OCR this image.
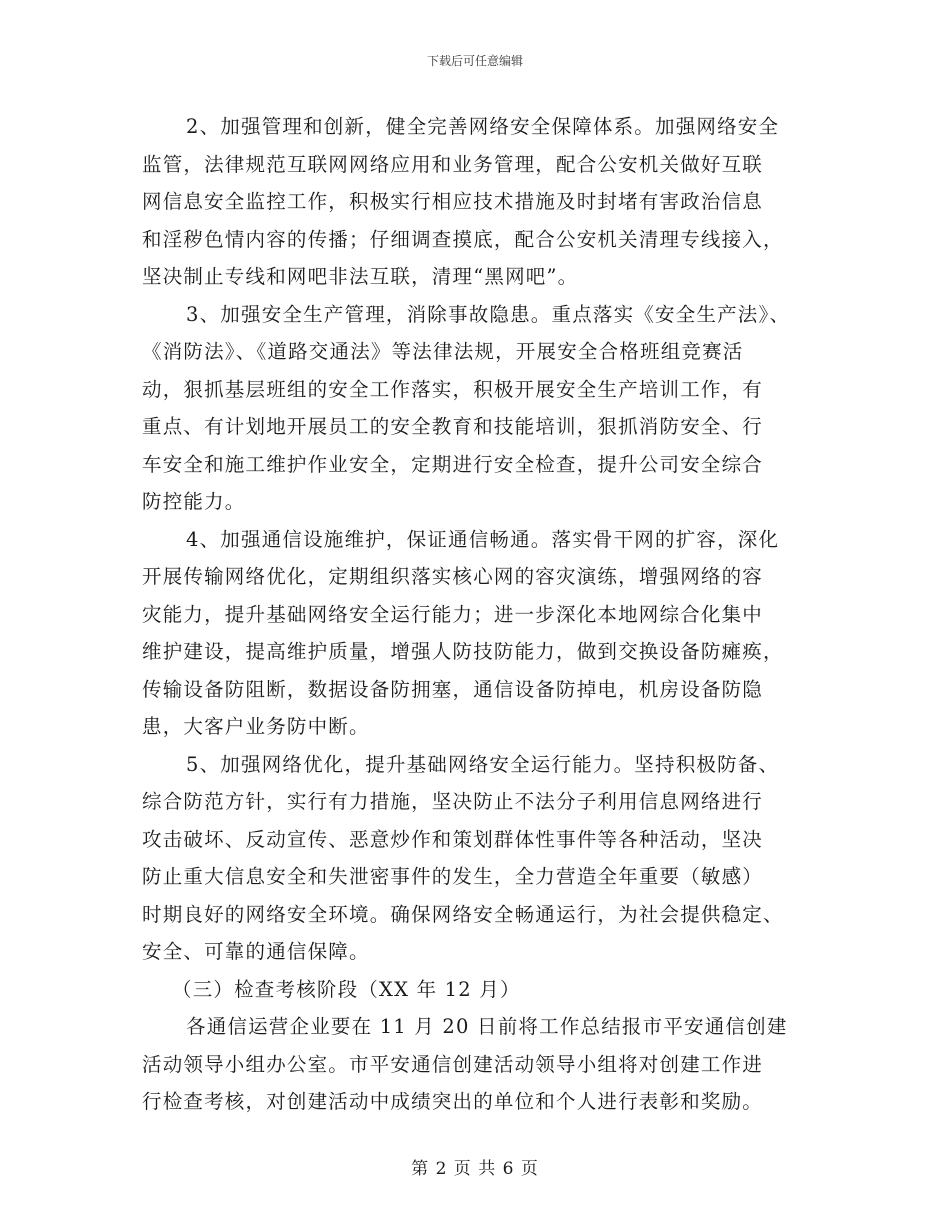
下载后可任意编辑
2、加强管理和创新，健全完善网络安全保障体系。加强网络安全
监管，法律规范互联网网络应用和业务管理，配合公安机关做好互联
网信息安全监控工作，积极实行相应技术措施及时封堵有害政治信息
和淫秽色情内容的传播；仔细调查摸底，配合公安机关清理专线接入，
坚决制止专线和网吧非法互联，清理“黑网吧”。
3、加强安全生产管理，消除事故隐患。重点落实《安全生产法》、
《消防法》、《道路交通法》等法律法规，开展安全合格班组竞赛活
动，狠抓基层班组的安全工作落实，积极开展安全生产培训工作，有
重点、有计划地开展员工的安全教育和技能培训，狠抓消防安全、行
车安全和施工维护作业安全，定期进行安全检查，提升公司安全综合
防控能力。
4、加强通信设施维护，保证通信畅通。落实骨干网的扩容，深化
开展传输网络优化，定期组织落实核心网的容灾演练，增强网络的容
灾能力，提升基础网络安全运行能力；进一步深化本地网综合化集中
维护建设，提高维护质量，增强人防技防能力，做到交换设备防瘫痪，
传输设备防阻断，数据设备防拥塞，通信设备防掉电，机房设备防隐
患，大客户业务防中断。
5、加强网络优化，提升基础网络安全运行能力。坚持积极防备、
综合防范方针，实行有力措施，坚决防止不法分子利用信息网络进行
攻击破坏、反动宣传、恶意炒作和策划群体性事件等各种活动，坚决
防止重大信息安全和失泄密事件的发生，全力营造全年重要（敏感）
时期良好的网络安全环境。确保网络安全畅通运行，为社会提供稳定、
安全、可靠的通信保障。
（三）检查考核阶段（XX 年 12 月）
各通信运营企业要在 11 月 20 日前将工作总结报市平安通信创建
活动领导小组办公室。市平安通信创建活动领导小组将对创建工作进
行检查考核，对创建活动中成绩突出的单位和个人进行表彰和奖励。
第 2 页 共 6 页
